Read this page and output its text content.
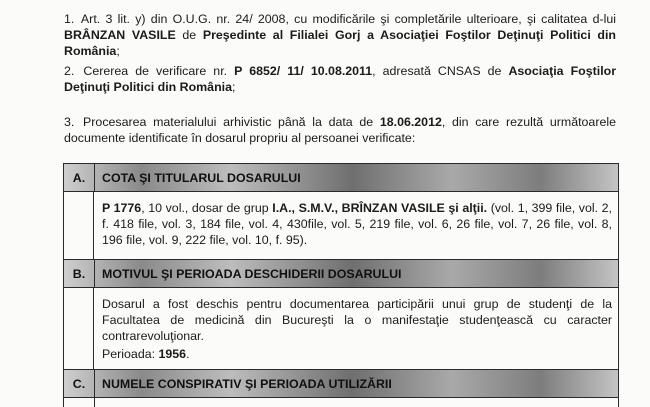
1. Art. 3 lit. y) din O.U.G. nr. 24/ 2008, cu modificările şi completările ulterioare, şi calitatea d-lui BRÂNZAN VASILE de Preşedinte al Filialei Gorj a Asociaţiei Foştilor Deţinuţi Politici din România;

2. Cererea de verificare nr. P 6852/ 11/ 10.08.2011, adresată CNSAS de Asociaţia Foştilor Deţinuţi Politici din România;

3. Procesarea materialului arhivistic până la data de 18.06.2012, din care rezultă următoarele documente identificate în dosarul propriu al persoanei verificate:

A.	COTA ŞI TITULARUL DOSARULUI

P 1776, 10 vol., dosar de grup I.A., S.M.V., BRÎNZAN VASILE şi alţii. (vol. 1, 399 file, vol. 2, f. 418 file, vol. 3, 184 file, vol. 4, 430file, vol. 5, 219 file, vol. 6, 26 file, vol. 7, 26 file, vol. 8, 196 file, vol. 9, 222 file, vol. 10, f. 95).

B.	MOTIVUL ŞI PERIOADA DESCHIDERII DOSARULUI

Dosarul a fost deschis pentru documentarea participării unui grup de studenţi de la Facultatea de medicină din Bucureşti la o manifestaţie studenţească cu caracter contrarevoluţionar.

Perioada: 1956.

C.	NUMELE CONSPIRATIV ŞI PERIOADA UTILIZĂRII
